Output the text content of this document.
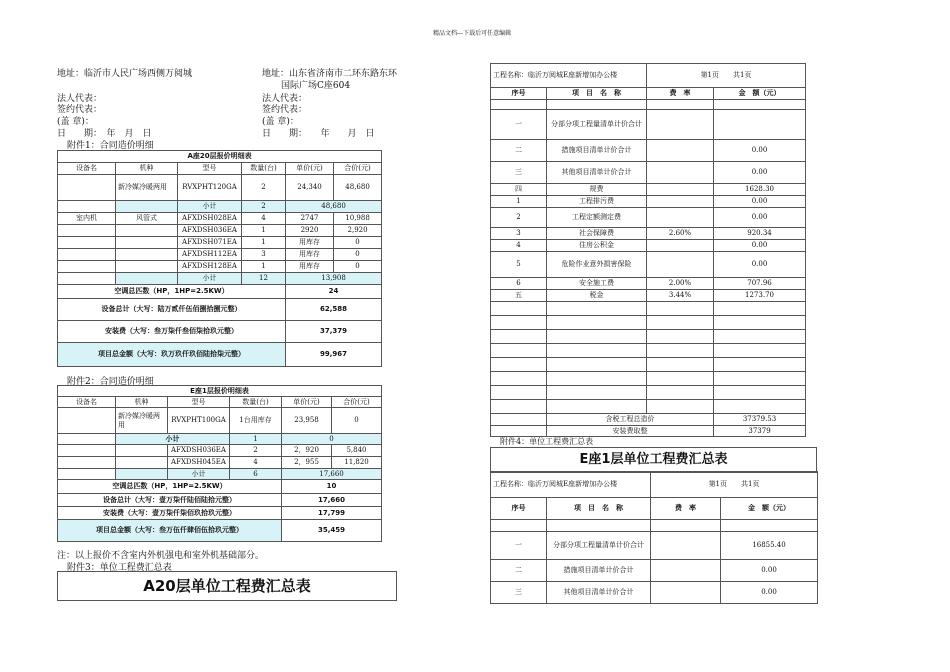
精品文档---下载后可任意编辑
地址：临沂市人民广场西侧万阅城	地址：山东省济南市二环东路东环
国际广场C座604
法人代表：	法人代表：
签约代表：	签约代表：
(盖 章)：	(盖 章)：
日　　期：　年　月　日	日　　期：　　年　　月　日
附件1：合同造价明细
A座20层报价明细表					
设备名	机种	型号	数量(台)	单价(元)	合价(元)
	新冷媒冷暖两用	RVXPHT120GA	2	24,340	48,680
		小计	2	48,680	
室内机	风管式	AFXDSH028EA	4	2747	10,988
		AFXDSH036EA	1	2920	2,920
		AFXDSH071EA	1	用库存	0
		AFXDSH112EA	3	用库存	0
		AFXDSH128EA	1	用库存	0
		小计	12	13,908	
空调总匹数（HP，1HP=2.5KW）				24	
设备总计（大写：陆万贰仟伍佰捌拾捌元整）				62,588	
安装费（大写：叁万柒仟叁佰柒拾玖元整）				37,379	
项目总金额（大写：玖万玖仟玖佰陆拾柒元整）				99,967	
附件2：合同造价明细
E座1层报价明细表					
设备名	机种	型号	数量(台)	单价(元)	合价(元)
	新冷媒冷暖两用	RVXPHT100GA	1台用库存	23,958	0
	小计		1	0	
		AFXDSH036EA	2	2，920	5,840
		AFXDSH045EA	4	2，955	11,820
		小计	6	17,660	
空调总匹数（HP，1HP=2.5KW）				10	
设备总计（大写：壹万柒仟陆佰陆拾元整）				17,660	
安装费（大写：壹万柒仟柒佰玖拾玖元整）				17,799	
项目总金额（大写：叁万伍仟肆佰伍拾玖元整）				35,459	
注：以上报价不含室内外机强电和室外机基础部分。
附件3：单位工程费汇总表
A20层单位工程费汇总表
工程名称：临沂万阅城E座新增加办公楼		第1页　　共1页	
序号	项　目　名　称	费　率	金　额（元）

一	分部分项工程量清单计价合计		
二	措施项目清单计价合计		0.00
三	其他项目清单计价合计		0.00
四	规费		1628.30
1	工程排污费		0.00
2	工程定额测定费		0.00
3	社会保障费	2.60%	920.34
4	住房公积金		0.00
5	危险作业意外损害保险		0.00
6	安全施工费	2.00%	707.96
五	税金	3.44%	1273.70

	含税工程总造价		37379.53
	安装费取整		37379
附件4：单位工程费汇总表
E座1层单位工程费汇总表
工程名称：临沂万阅城E座新增加办公楼		第1页　　共1页	
序号	项　目　名　称	费　率	金　额（元）

一	分部分项工程量清单计价合计		16855.40
二	措施项目清单计价合计		0.00
三	其他项目清单计价合计		0.00
